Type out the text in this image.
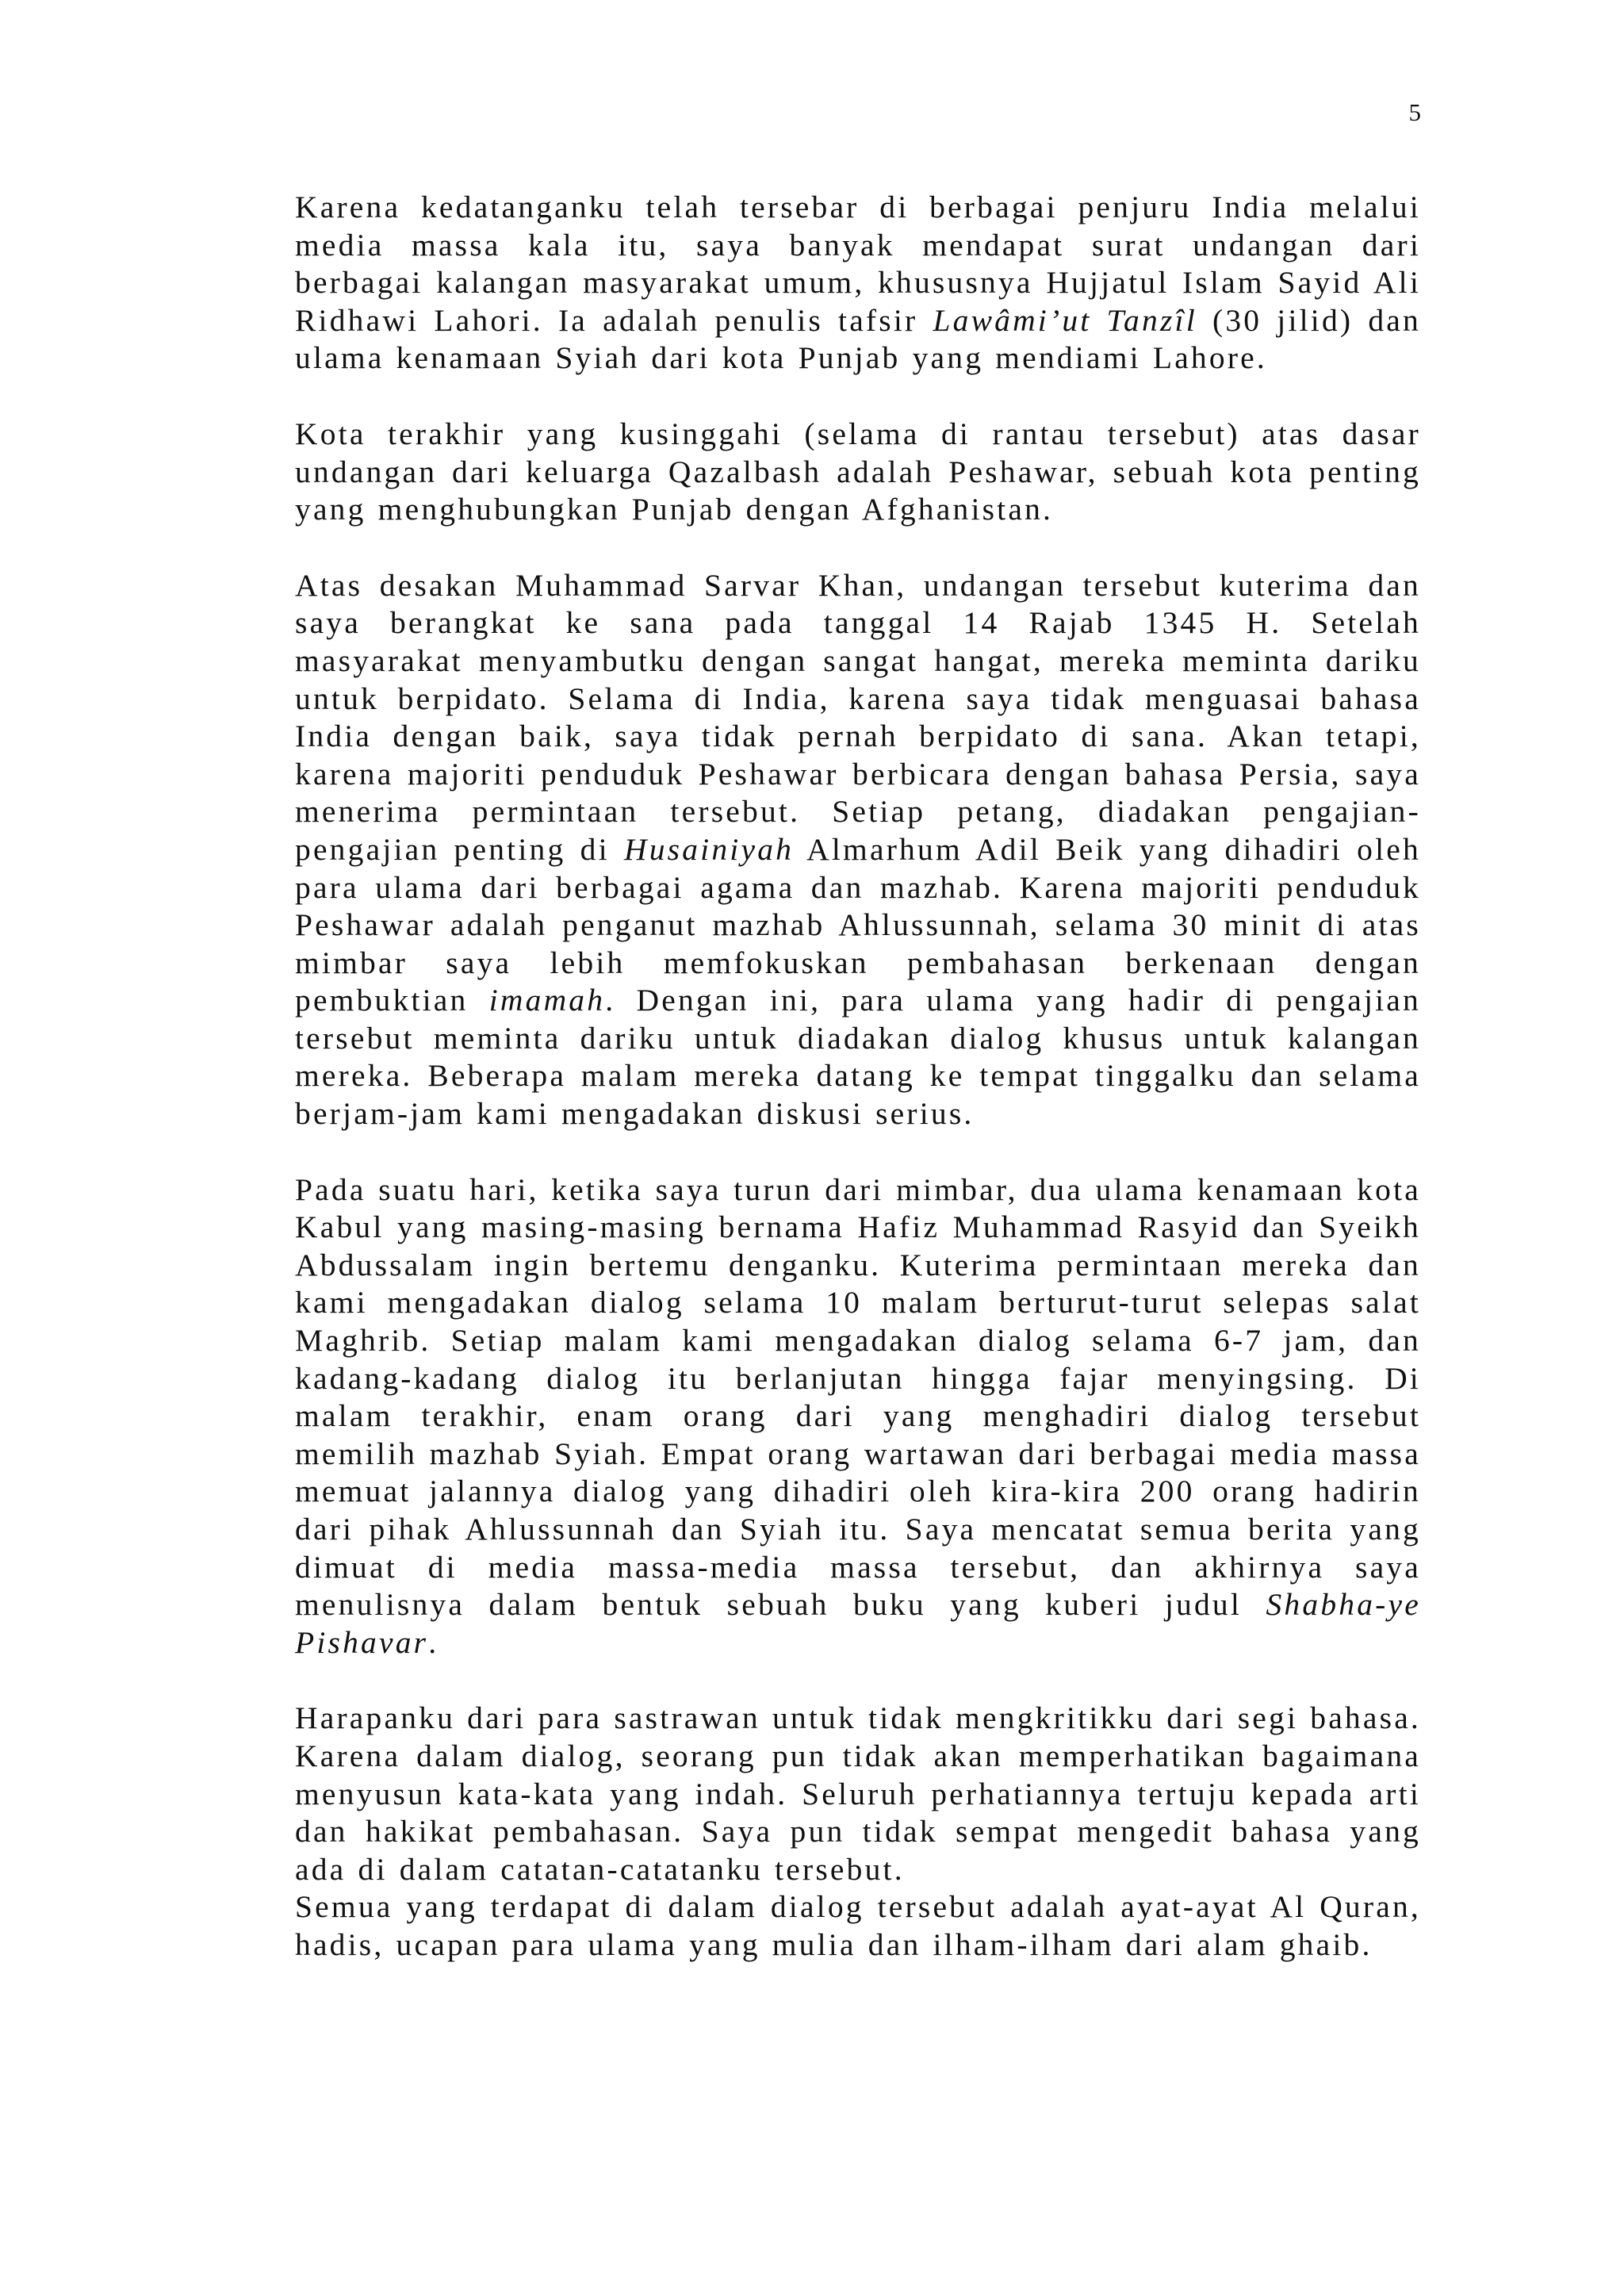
5

Karena kedatanganku telah tersebar di berbagai penjuru India melalui media massa kala itu, saya banyak mendapat surat undangan dari berbagai kalangan masyarakat umum, khususnya Hujjatul Islam Sayid Ali Ridhawi Lahori. Ia adalah penulis tafsir Lawâmi’ut Tanzîl (30 jilid) dan ulama kenamaan Syiah dari kota Punjab yang mendiami Lahore.

Kota terakhir yang kusinggahi (selama di rantau tersebut) atas dasar undangan dari keluarga Qazalbash adalah Peshawar, sebuah kota penting yang menghubungkan Punjab dengan Afghanistan.

Atas desakan Muhammad Sarvar Khan, undangan tersebut kuterima dan saya berangkat ke sana pada tanggal 14 Rajab 1345 H. Setelah masyarakat menyambutku dengan sangat hangat, mereka meminta dariku untuk berpidato. Selama di India, karena saya tidak menguasai bahasa India dengan baik, saya tidak pernah berpidato di sana. Akan tetapi, karena majoriti penduduk Peshawar berbicara dengan bahasa Persia, saya menerima permintaan tersebut. Setiap petang, diadakan pengajian-pengajian penting di Husainiyah Almarhum Adil Beik yang dihadiri oleh para ulama dari berbagai agama dan mazhab. Karena majoriti penduduk Peshawar adalah penganut mazhab Ahlussunnah, selama 30 minit di atas mimbar saya lebih memfokuskan pembahasan berkenaan dengan pembuktian imamah. Dengan ini, para ulama yang hadir di pengajian tersebut meminta dariku untuk diadakan dialog khusus untuk kalangan mereka. Beberapa malam mereka datang ke tempat tinggalku dan selama berjam-jam kami mengadakan diskusi serius.

Pada suatu hari, ketika saya turun dari mimbar, dua ulama kenamaan kota Kabul yang masing-masing bernama Hafiz Muhammad Rasyid dan Syeikh Abdussalam ingin bertemu denganku. Kuterima permintaan mereka dan kami mengadakan dialog selama 10 malam berturut-turut selepas salat Maghrib. Setiap malam kami mengadakan dialog selama 6-7 jam, dan kadang-kadang dialog itu berlanjutan hingga fajar menyingsing. Di malam terakhir, enam orang dari yang menghadiri dialog tersebut memilih mazhab Syiah. Empat orang wartawan dari berbagai media massa memuat jalannya dialog yang dihadiri oleh kira-kira 200 orang hadirin dari pihak Ahlussunnah dan Syiah itu. Saya mencatat semua berita yang dimuat di media massa-media massa tersebut, dan akhirnya saya menulisnya dalam bentuk sebuah buku yang kuberi judul Shabha-ye Pishavar.

Harapanku dari para sastrawan untuk tidak mengkritikku dari segi bahasa. Karena dalam dialog, seorang pun tidak akan memperhatikan bagaimana menyusun kata-kata yang indah. Seluruh perhatiannya tertuju kepada arti dan hakikat pembahasan. Saya pun tidak sempat mengedit bahasa yang ada di dalam catatan-catatanku tersebut.

Semua yang terdapat di dalam dialog tersebut adalah ayat-ayat Al Quran, hadis, ucapan para ulama yang mulia dan ilham-ilham dari alam ghaib.
